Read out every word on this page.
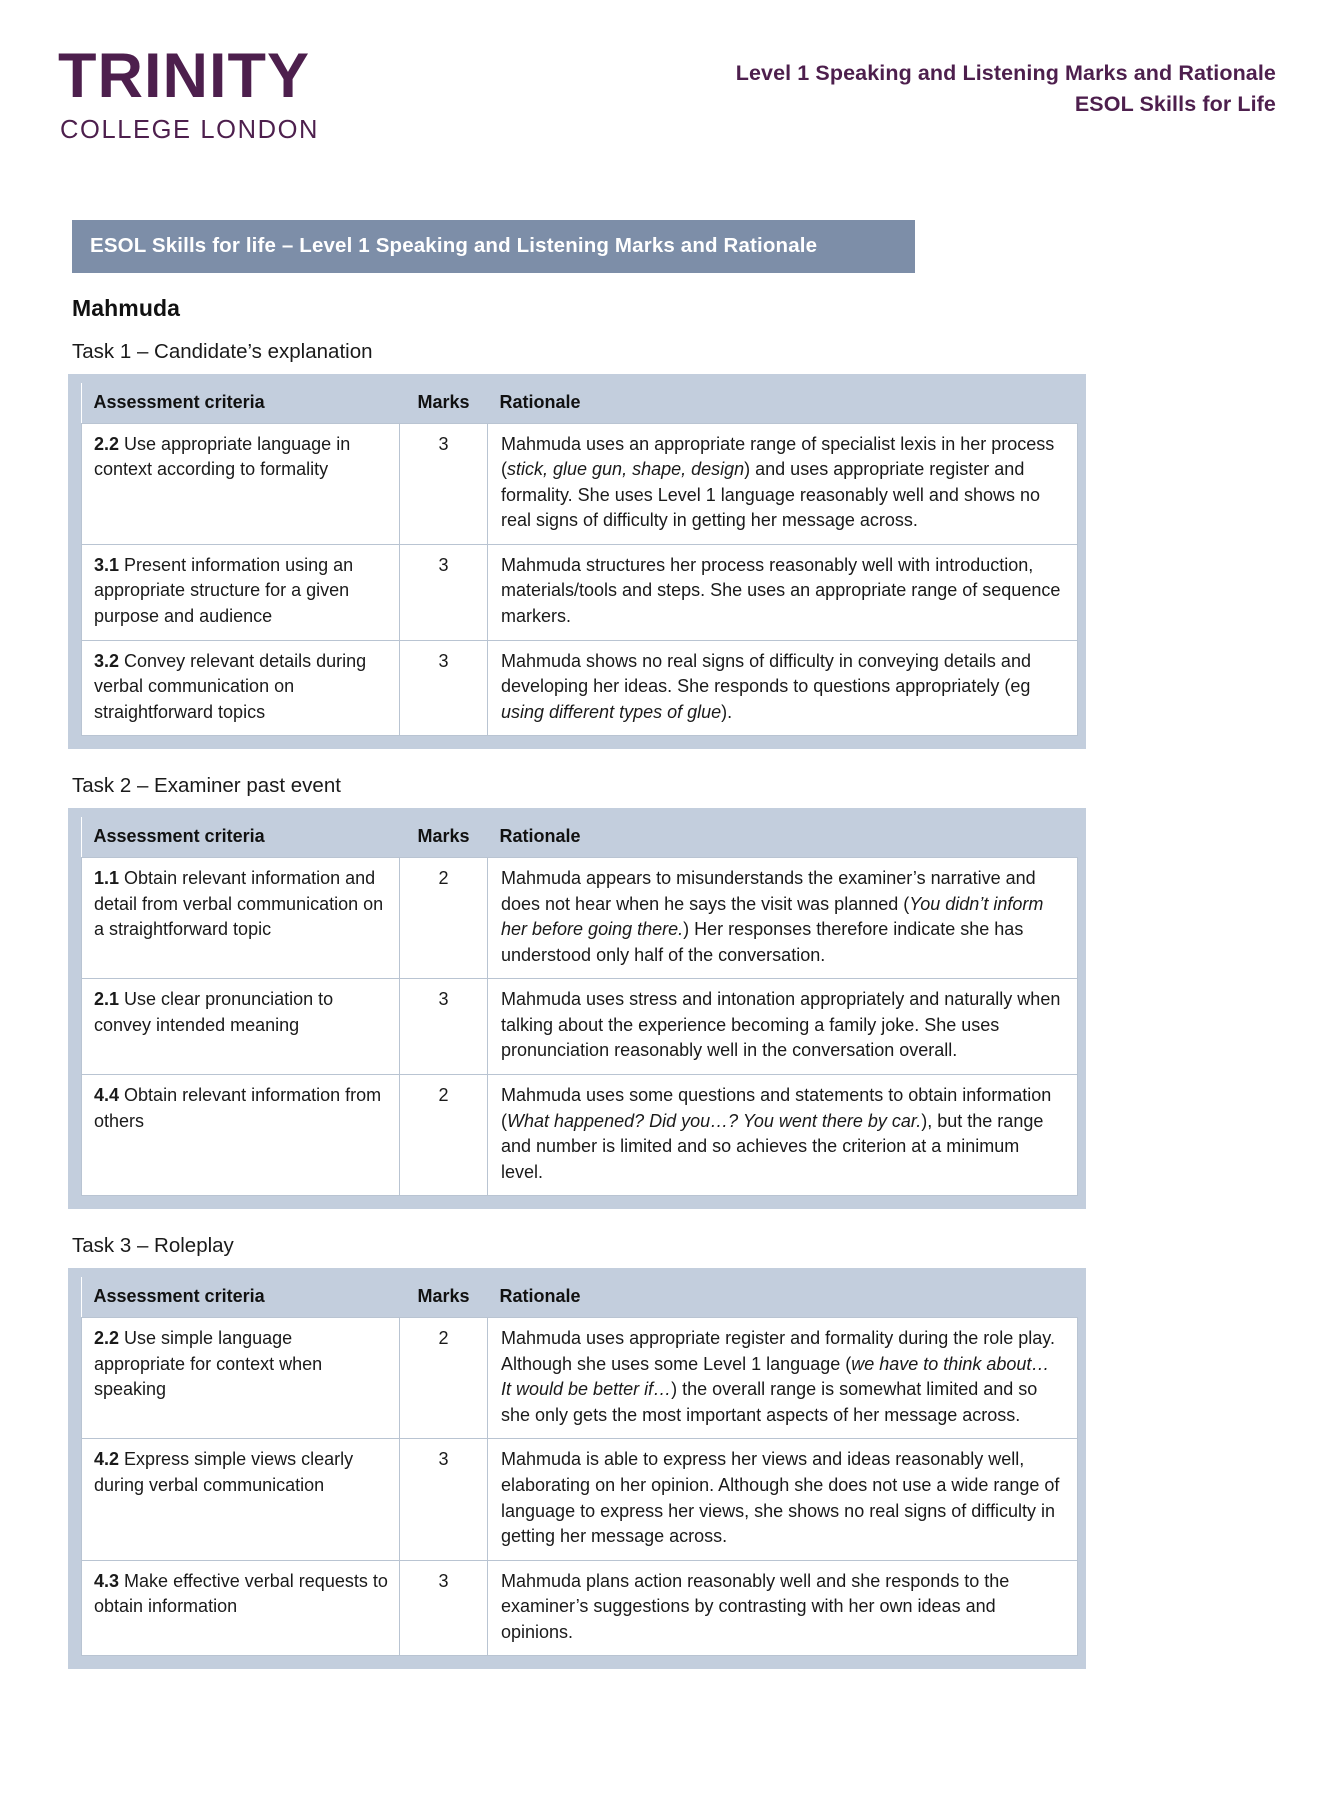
TRINITY
COLLEGE LONDON
Level 1 Speaking and Listening Marks and Rationale
ESOL Skills for Life
ESOL Skills for life – Level 1 Speaking and Listening Marks and Rationale
Mahmuda
Task 1 – Candidate’s explanation
Assessment criteria	Marks	Rationale
2.2 Use appropriate language in context according to formality	3	Mahmuda uses an appropriate range of specialist lexis in her process (stick, glue gun, shape, design) and uses appropriate register and formality. She uses Level 1 language reasonably well and shows no real signs of difficulty in getting her message across.
3.1 Present information using an appropriate structure for a given purpose and audience	3	Mahmuda structures her process reasonably well with introduction, materials/tools and steps. She uses an appropriate range of sequence markers.
3.2 Convey relevant details during verbal communication on straightforward topics	3	Mahmuda shows no real signs of difficulty in conveying details and developing her ideas. She responds to questions appropriately (eg using different types of glue).
Task 2 – Examiner past event
Assessment criteria	Marks	Rationale
1.1 Obtain relevant information and detail from verbal communication on a straightforward topic	2	Mahmuda appears to misunderstands the examiner’s narrative and does not hear when he says the visit was planned (You didn’t inform her before going there.) Her responses therefore indicate she has understood only half of the conversation.
2.1 Use clear pronunciation to convey intended meaning	3	Mahmuda uses stress and intonation appropriately and naturally when talking about the experience becoming a family joke. She uses pronunciation reasonably well in the conversation overall.
4.4 Obtain relevant information from others	2	Mahmuda uses some questions and statements to obtain information (What happened? Did you…? You went there by car.), but the range and number is limited and so achieves the criterion at a minimum level.
Task 3 – Roleplay
Assessment criteria	Marks	Rationale
2.2 Use simple language appropriate for context when speaking	2	Mahmuda uses appropriate register and formality during the role play. Although she uses some Level 1 language (we have to think about… It would be better if…) the overall range is somewhat limited and so she only gets the most important aspects of her message across.
4.2 Express simple views clearly during verbal communication	3	Mahmuda is able to express her views and ideas reasonably well, elaborating on her opinion. Although she does not use a wide range of language to express her views, she shows no real signs of difficulty in getting her message across.
4.3 Make effective verbal requests to obtain information	3	Mahmuda plans action reasonably well and she responds to the examiner’s suggestions by contrasting with her own ideas and opinions.
